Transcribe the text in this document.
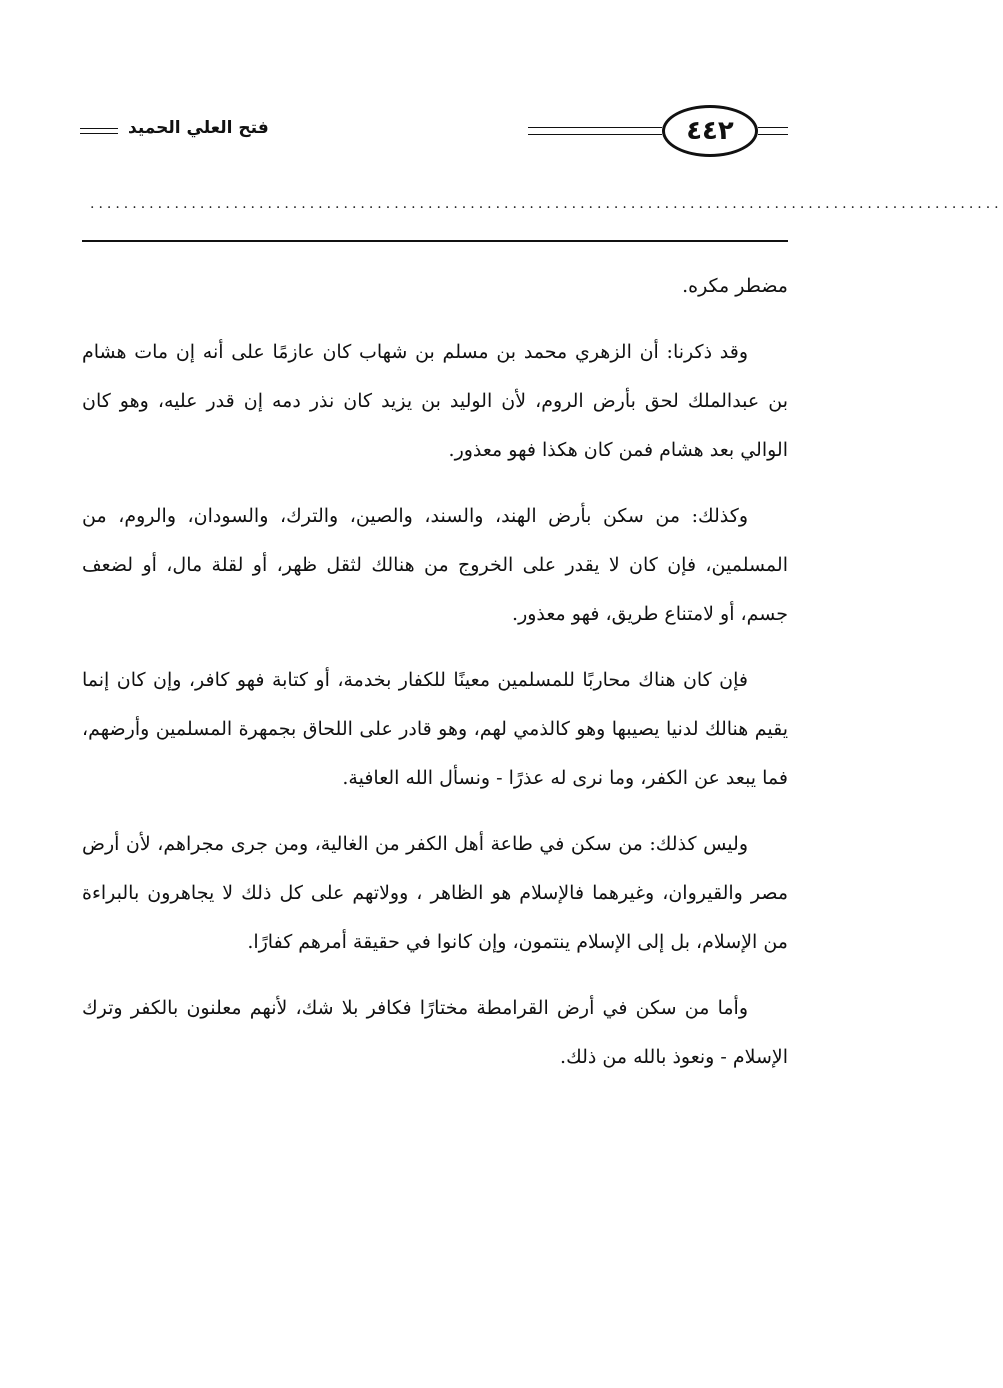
فتح العلي الحميد	٤٤٢
............................................................................................................

مضطر مكره.

وقد ذكرنا: أن الزهري محمد بن مسلم بن شهاب كان عازمًا على أنه إن مات هشام بن عبدالملك لحق بأرض الروم، لأن الوليد بن يزيد كان نذر دمه إن قدر عليه، وهو كان الوالي بعد هشام فمن كان هكذا فهو معذور.

وكذلك: من سكن بأرض الهند، والسند، والصين، والترك، والسودان، والروم، من المسلمين، فإن كان لا يقدر على الخروج من هنالك لثقل ظهر، أو لقلة مال، أو لضعف جسم، أو لامتناع طريق، فهو معذور.

فإن كان هناك محاربًا للمسلمين معينًا للكفار بخدمة، أو كتابة فهو كافر، وإن كان إنما يقيم هنالك لدنيا يصيبها وهو كالذمي لهم، وهو قادر على اللحاق بجمهرة المسلمين وأرضهم، فما يبعد عن الكفر، وما نرى له عذرًا - ونسأل الله العافية.

وليس كذلك: من سكن في طاعة أهل الكفر من الغالية، ومن جرى مجراهم، لأن أرض مصر والقيروان، وغيرهما فالإسلام هو الظاهر ، وولاتهم على كل ذلك لا يجاهرون بالبراءة من الإسلام، بل إلى الإسلام ينتمون، وإن كانوا في حقيقة أمرهم كفارًا.

وأما من سكن في أرض القرامطة مختارًا فكافر بلا شك، لأنهم معلنون بالكفر وترك الإسلام - ونعوذ بالله من ذلك.
